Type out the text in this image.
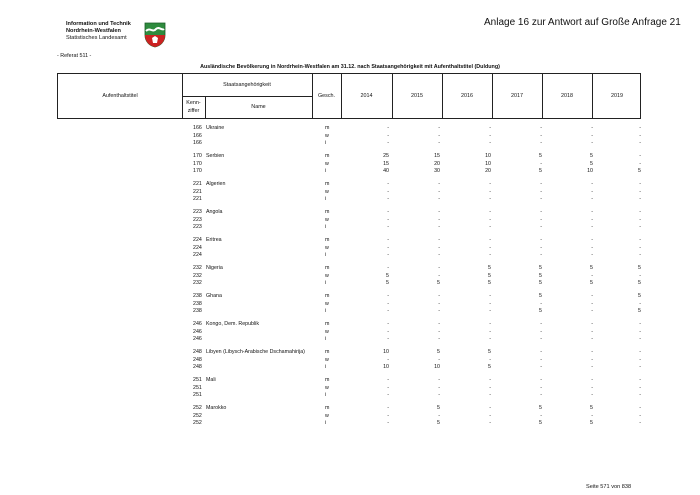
Information und Technik
Nordrhein-Westfalen
Statistisches Landesamt
Anlage 16 zur Antwort auf Große Anfrage 21
- Referat 511 -
Ausländische Bevölkerung in Nordrhein-Westfalen am 31.12. nach Staatsangehörigkeit mit Aufenthaltstitel (Duldung)
Aufenthaltstitel
Staatsangehörigkeit
Kenn-
ziffer
Name
Gesch.	2014	2015	2016	2017	2018	2019
166 Ukraine	m	-	-	-	-	-	-
166	w	-	-	-	-	-	-
166	i	-	-	-	-	-	-
170 Serbien	m	25	15	10	5	5	-
170	w	15	20	10	-	5	-
170	i	40	30	20	5	10	5
221 Algerien	m	-	-	-	-	-	-
221	w	-	-	-	-	-	-
221	i	-	-	-	-	-	-
223 Angola	m	-	-	-	-	-	-
223	w	-	-	-	-	-	-
223	i	-	-	-	-	-	-
224 Eritrea	m	-	-	-	-	-	-
224	w	-	-	-	-	-	-
224	i	-	-	-	-	-	-
232 Nigeria	m	-	-	5	5	5	5
232	w	5	-	5	5	-	-
232	i	5	5	5	5	5	5
238 Ghana	m	-	-	-	5	-	5
238	w	-	-	-	-	-	-
238	i	-	-	-	5	-	5
246 Kongo, Dem. Republik	m	-	-	-	-	-	-
246	w	-	-	-	-	-	-
246	i	-	-	-	-	-	-
248 Libyen (Libysch-Arabische Dschamahirija)	m	10	5	5	-	-	-
248	w	-	-	-	-	-	-
248	i	10	10	5	-	-	-
251 Mali	m	-	-	-	-	-	-
251	w	-	-	-	-	-	-
251	i	-	-	-	-	-	-
252 Marokko	m	-	5	-	5	5	-
252	w	-	-	-	-	-	-
252	i	-	5	-	5	5	-
Seite 571 von 838
